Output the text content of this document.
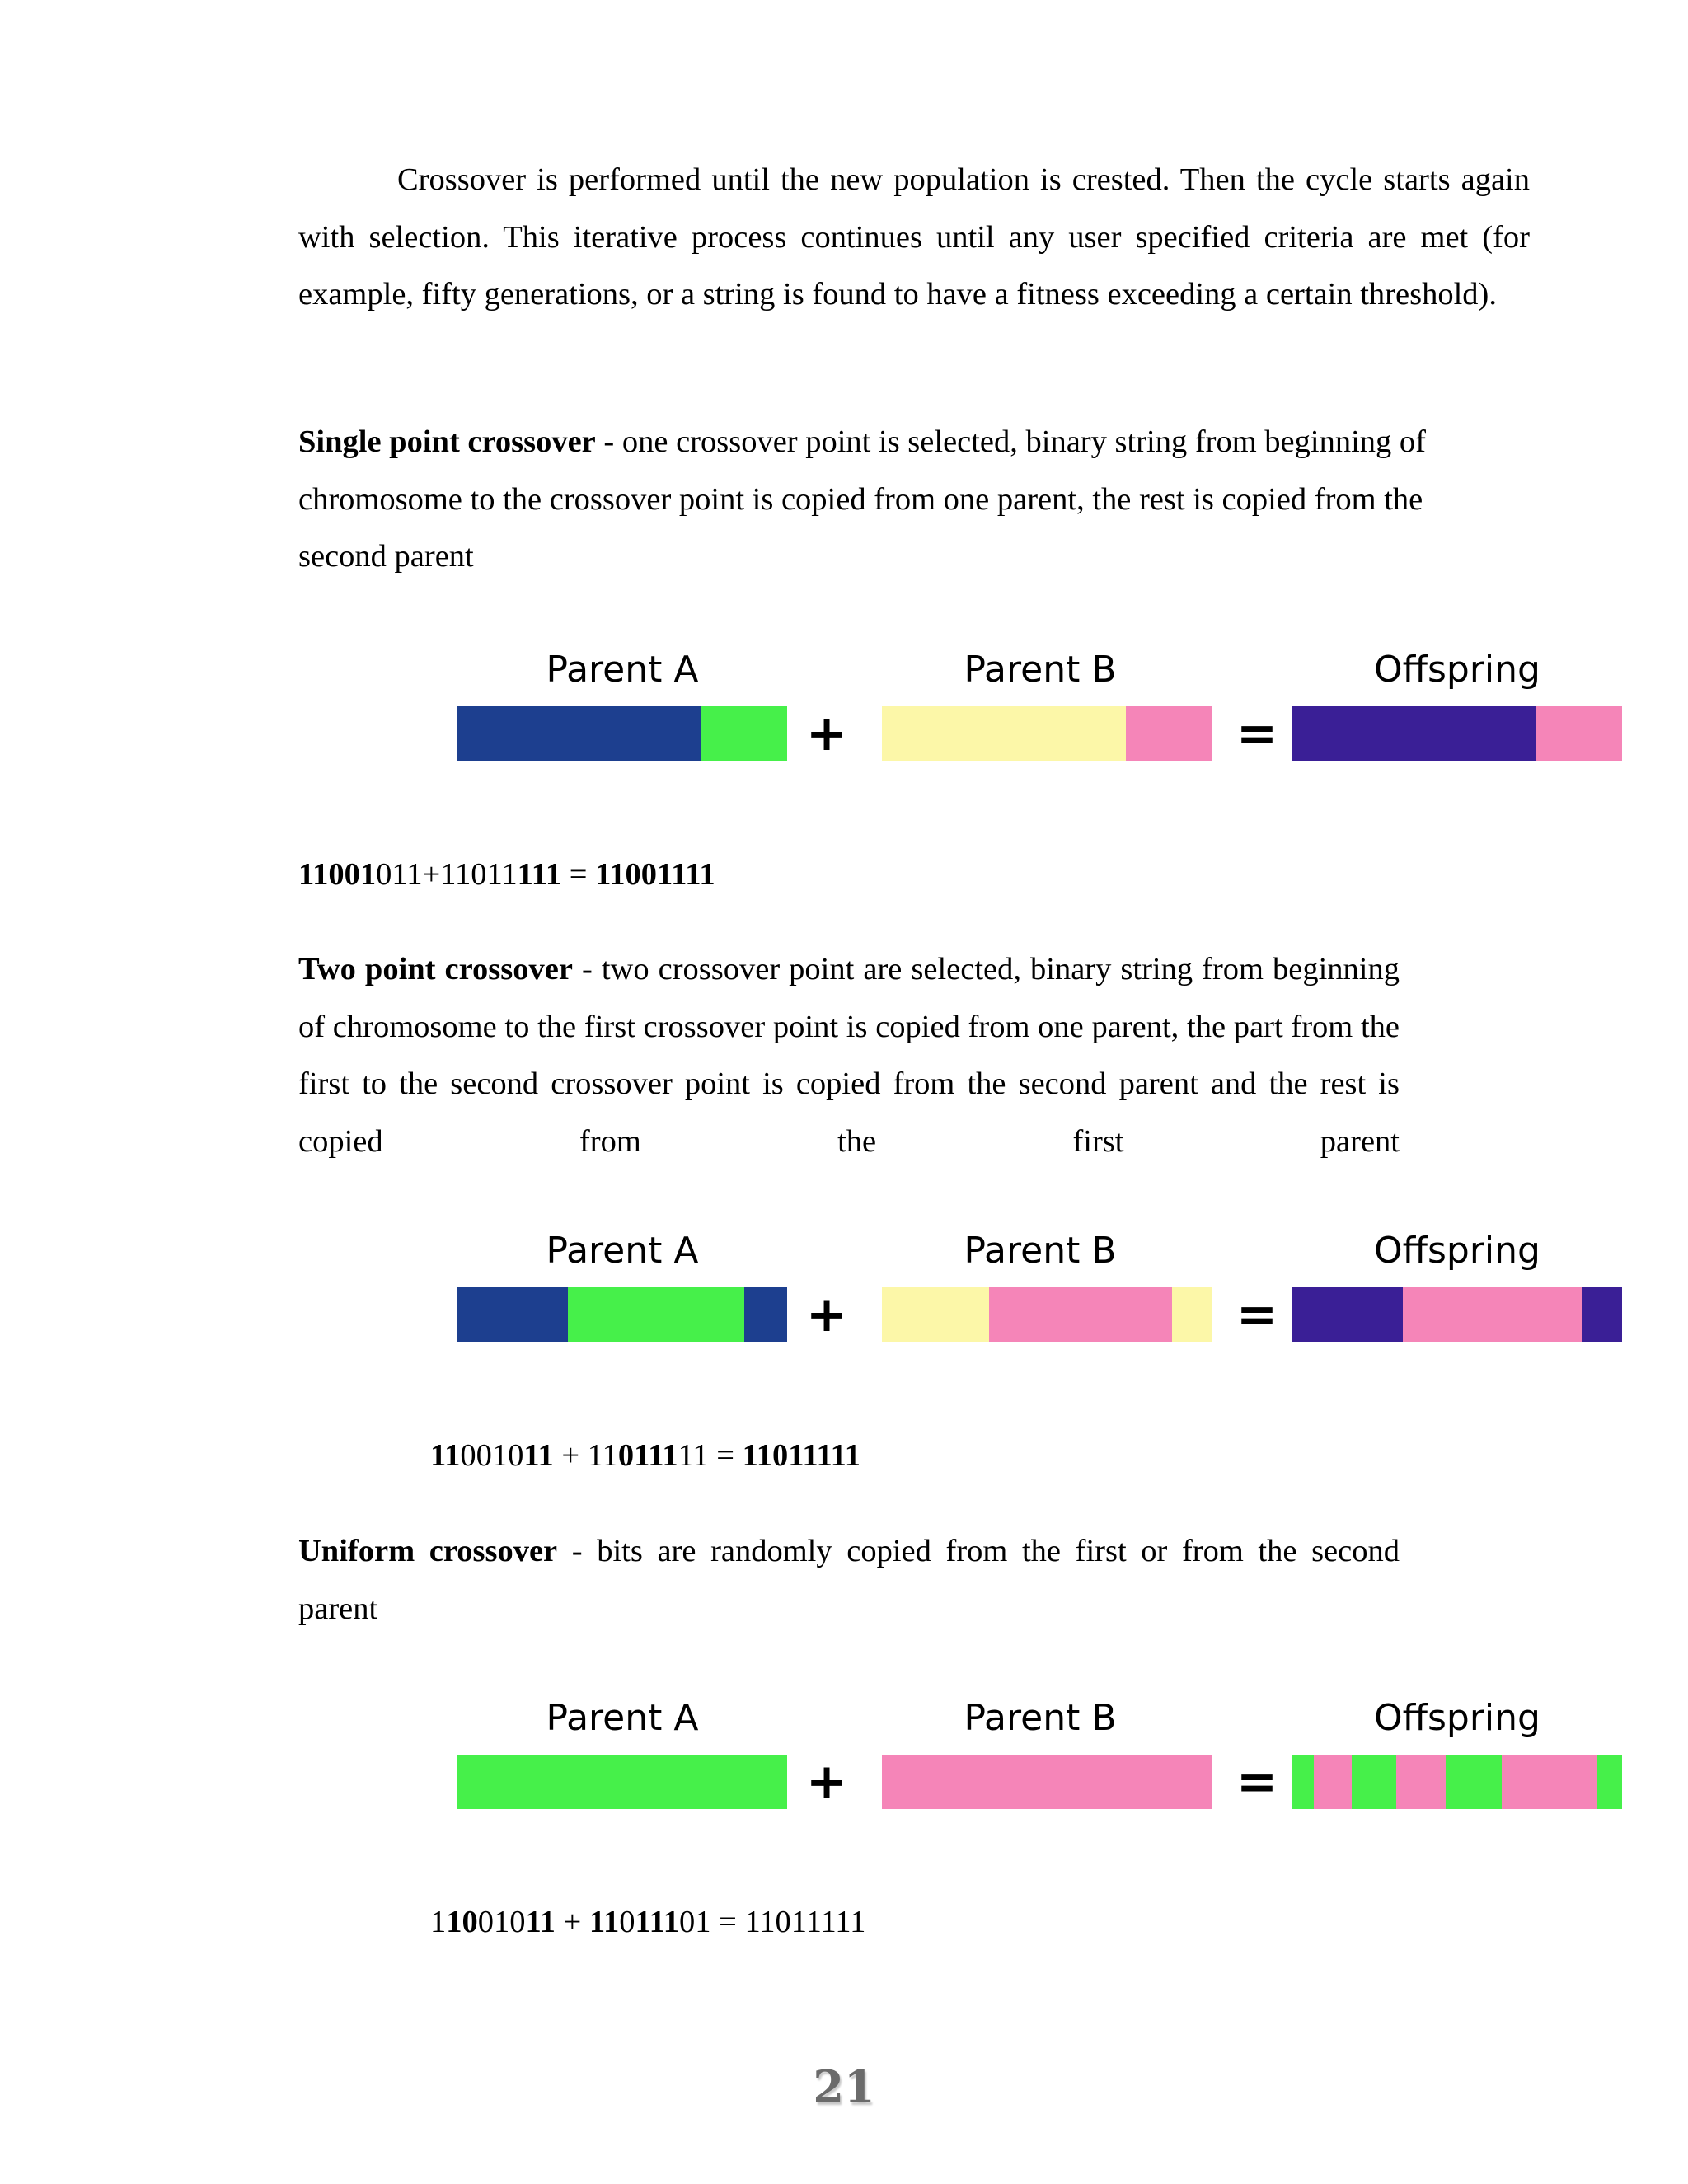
Crossover is performed until the new population is crested. Then the cycle starts again with selection. This iterative process continues until any user specified criteria are met (for example, fifty generations, or a string is found to have a fitness exceeding a certain threshold).
Single point crossover - one crossover point is selected, binary string from beginning of chromosome to the crossover point is copied from one parent, the rest is copied from the second parent
Parent A	Parent B	Offspring
+	=
11001011+11011111 = 11001111
Two point crossover - two crossover point are selected, binary string from beginning of chromosome to the first crossover point is copied from one parent, the part from the first to the second crossover point is copied from the second parent and the rest is copied from the first parent
Parent A	Parent B	Offspring
+	=
11001011 + 11011111 = 11011111
Uniform crossover - bits are randomly copied from the first or from the second parent
Parent A	Parent B	Offspring
+	=
11001011 + 11011101 = 11011111
21
